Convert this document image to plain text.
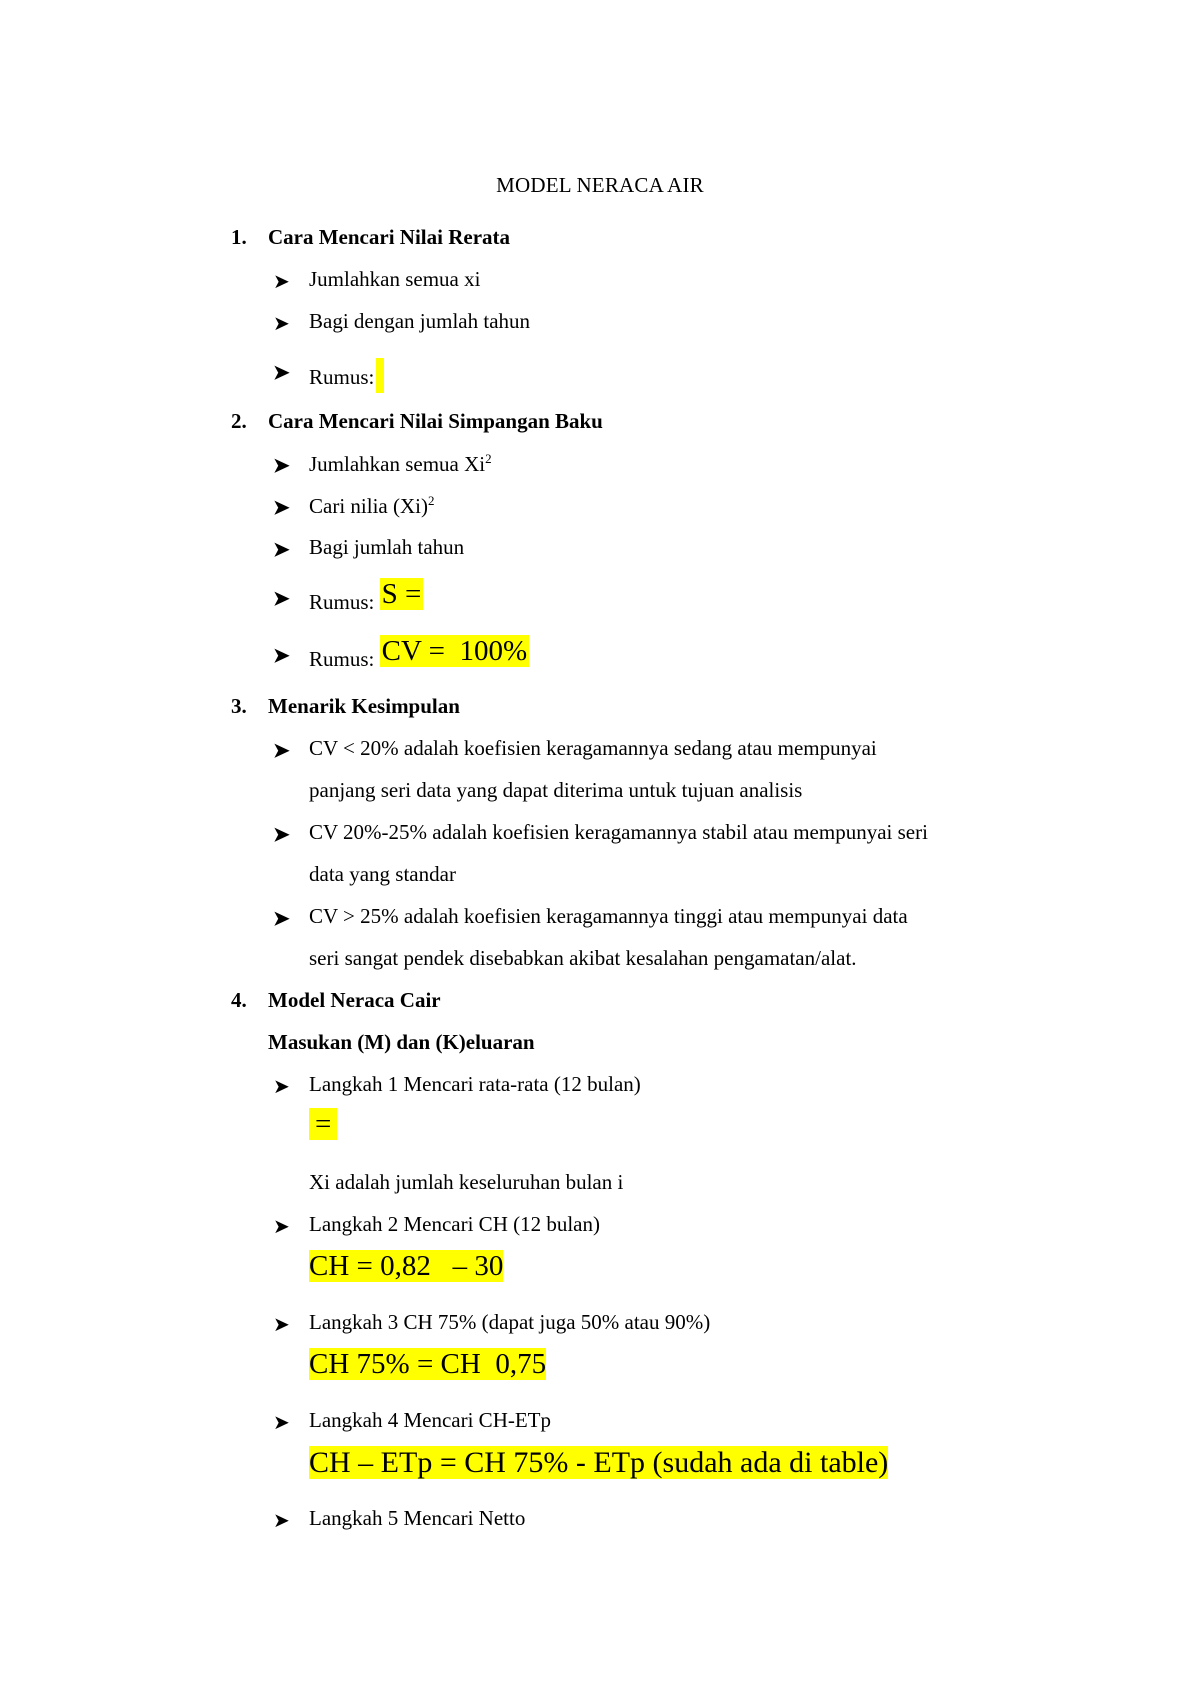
MODEL NERACA AIR
1. Cara Mencari Nilai Rerata
➤ Jumlahkan semua xi
➤ Bagi dengan jumlah tahun
➤ Rumus:
2. Cara Mencari Nilai Simpangan Baku
➤ Jumlahkan semua Xi$^2$
➤ Cari nilia $(Xi)^2$
➤ Bagi jumlah tahun
➤ Rumus: S =
➤ Rumus: CV =  100%
3. Menarik Kesimpulan
➤ CV < 20% adalah koefisien keragamannya sedang atau mempunyai
panjang seri data yang dapat diterima untuk tujuan analisis
➤ CV 20%-25% adalah koefisien keragamannya stabil atau mempunyai seri
data yang standar
➤ CV > 25% adalah koefisien keragamannya tinggi atau mempunyai data
seri sangat pendek disebabkan akibat kesalahan pengamatan/alat.
4. Model Neraca Cair
Masukan (M) dan (K)eluaran
➤ Langkah 1 Mencari rata-rata (12 bulan)
=
Xi adalah jumlah keseluruhan bulan i
➤ Langkah 2 Mencari CH (12 bulan)
CH = 0,82   – 30
➤ Langkah 3 CH 75% (dapat juga 50% atau 90%)
CH 75% = CH  0,75
➤ Langkah 4 Mencari CH-ETp
CH – ETp = CH 75% - ETp (sudah ada di table)
➤ Langkah 5 Mencari Netto
